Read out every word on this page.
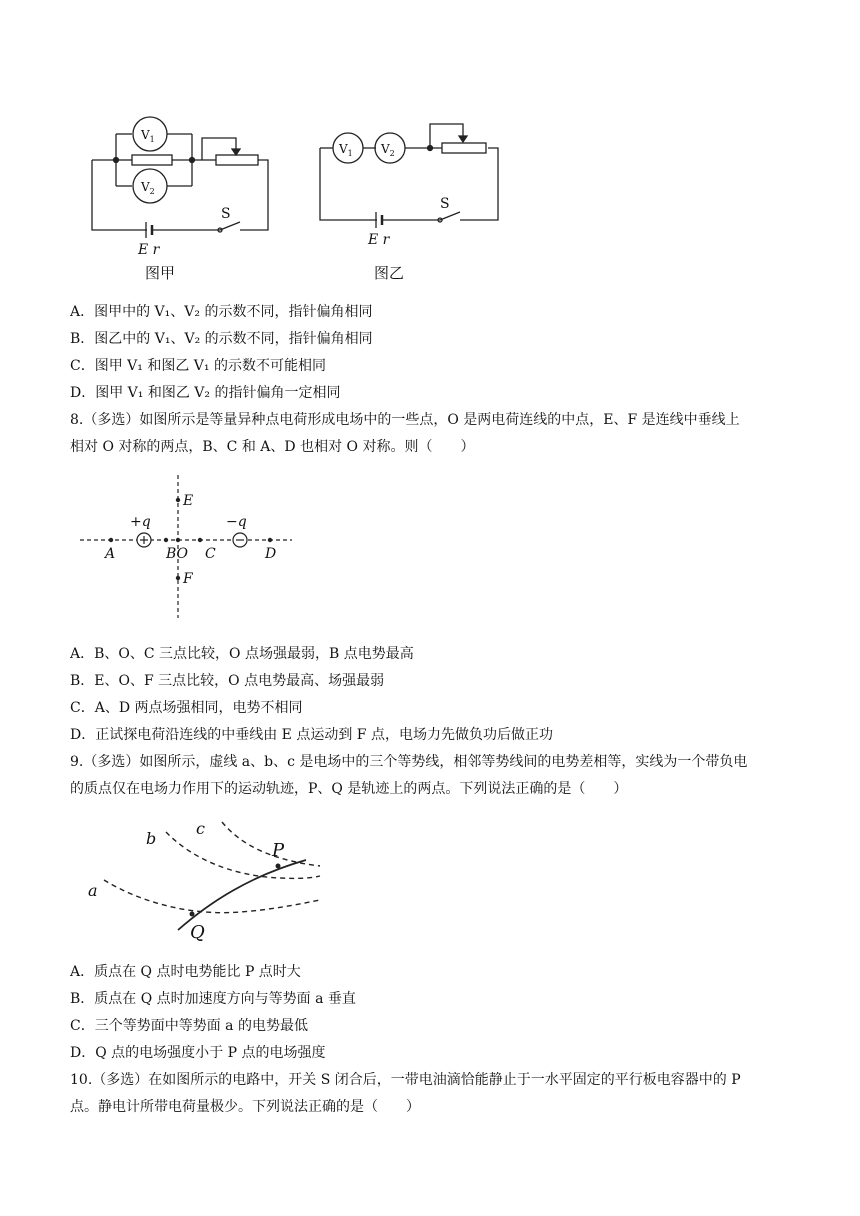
$V_1$
$V_2$
$V_1$ $V_2$
S
S
E r
E r
图甲	图乙
A．图甲中的 V₁、V₂ 的示数不同，指针偏角相同
B．图乙中的 V₁、V₂ 的示数不同，指针偏角相同
C．图甲 V₁ 和图乙 V₁ 的示数不可能相同
D．图甲 V₁ 和图乙 V₂ 的指针偏角一定相同
8.（多选）如图所示是等量异种点电荷形成电场中的一些点，O 是两电荷连线的中点，E、F 是连线中垂线上
相对 O 对称的两点，B、C 和 A、D 也相对 O 对称。则（　　）
+q	−q
A	BO C	D
E
F
A．B、O、C 三点比较，O 点场强最弱，B 点电势最高
B．E、O、F 三点比较，O 点电势最高、场强最弱
C．A、D 两点场强相同，电势不相同
D．正试探电荷沿连线的中垂线由 E 点运动到 F 点，电场力先做负功后做正功
9.（多选）如图所示，虚线 a、b、c 是电场中的三个等势线，相邻等势线间的电势差相等，实线为一个带负电
的质点仅在电场力作用下的运动轨迹，P、Q 是轨迹上的两点。下列说法正确的是（　　）
a
b
c
P
Q
A．质点在 Q 点时电势能比 P 点时大
B．质点在 Q 点时加速度方向与等势面 a 垂直
C．三个等势面中等势面 a 的电势最低
D．Q 点的电场强度小于 P 点的电场强度
10.（多选）在如图所示的电路中，开关 S 闭合后，一带电油滴恰能静止于一水平固定的平行板电容器中的 P
点。静电计所带电荷量极少。下列说法正确的是（　　）
